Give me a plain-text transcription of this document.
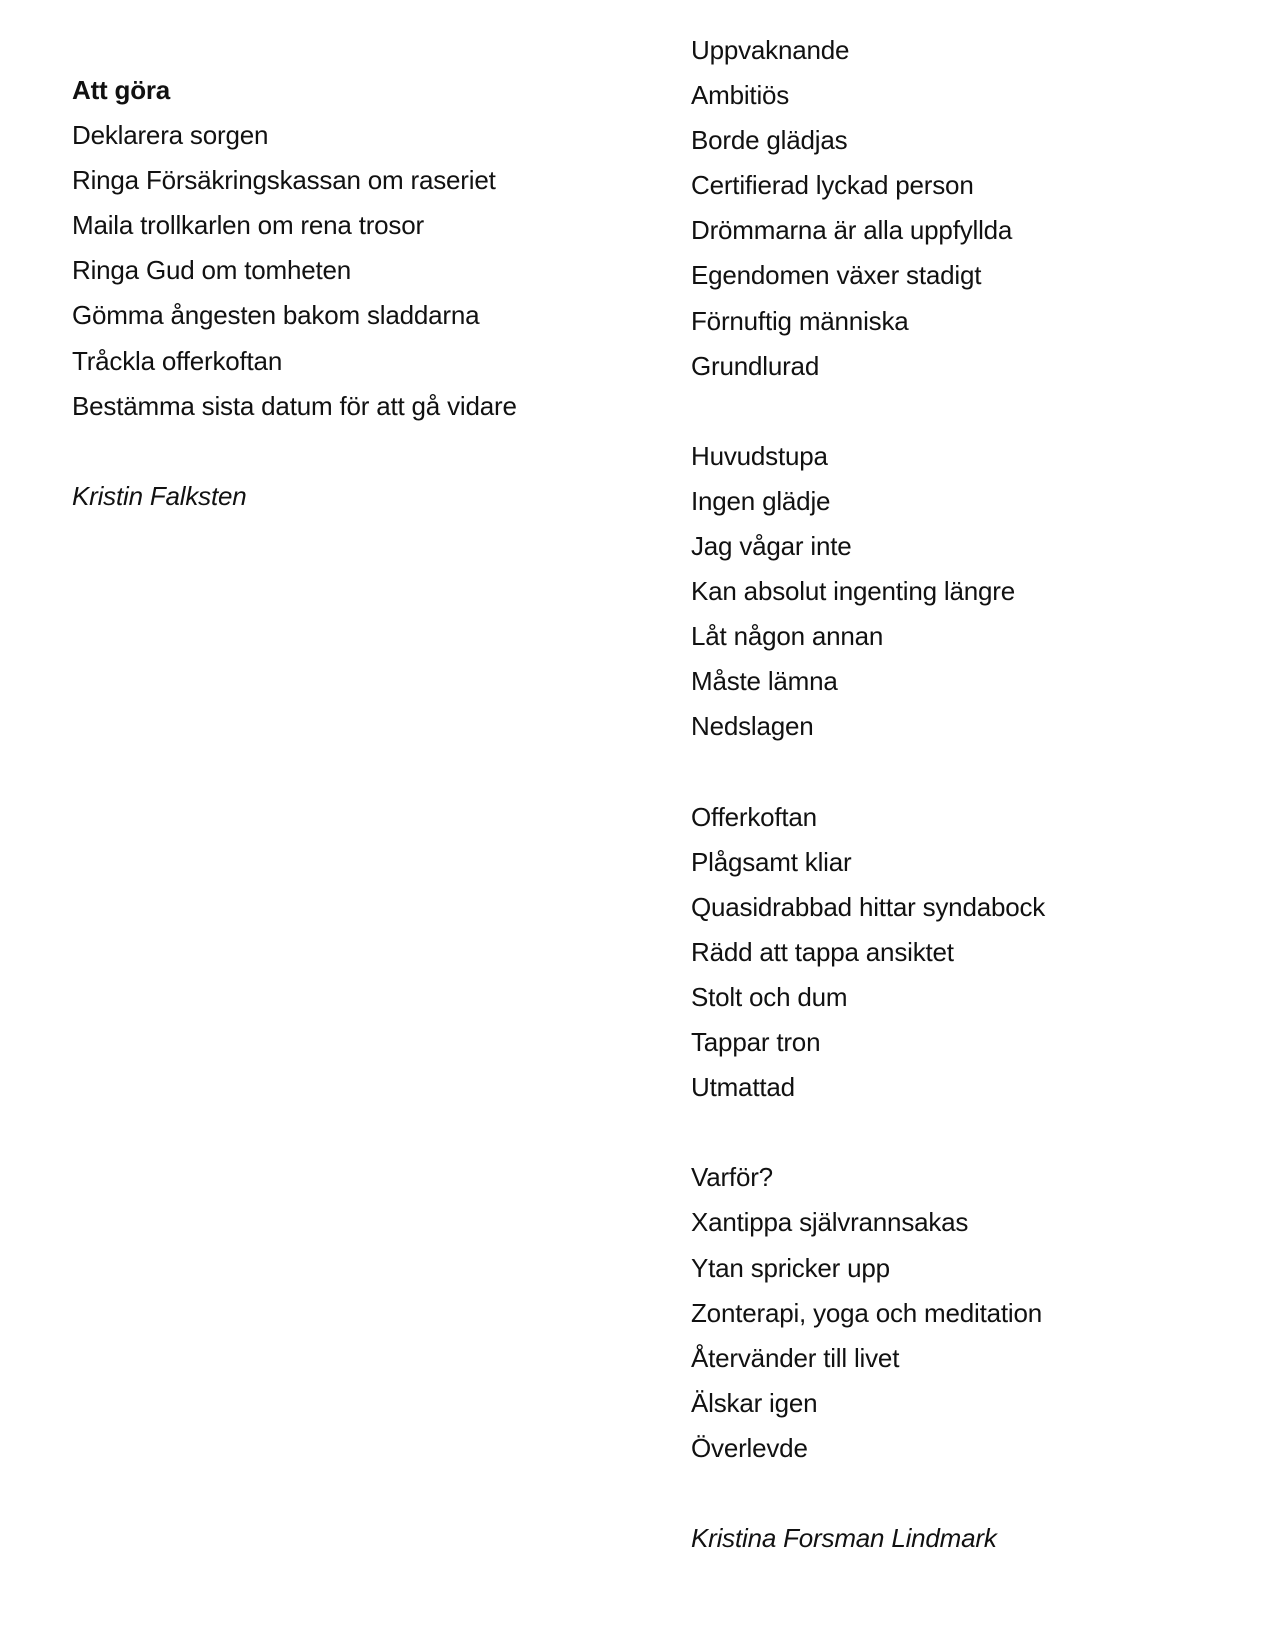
Att göra
Deklarera sorgen
Ringa Försäkringskassan om raseriet
Maila trollkarlen om rena trosor
Ringa Gud om tomheten
Gömma ångesten bakom sladdarna
Tråckla offerkoftan
Bestämma sista datum för att gå vidare
Kristin Falksten
Uppvaknande
Ambitiös
Borde glädjas
Certifierad lyckad person
Drömmarna är alla uppfyllda
Egendomen växer stadigt
Förnuftig människa
Grundlurad
Huvudstupa
Ingen glädje
Jag vågar inte
Kan absolut ingenting längre
Låt någon annan
Måste lämna
Nedslagen
Offerkoftan
Plågsamt kliar
Quasidrabbad hittar syndabock
Rädd att tappa ansiktet
Stolt och dum
Tappar tron
Utmattad
Varför?
Xantippa självrannsakas
Ytan spricker upp
Zonterapi, yoga och meditation
Återvänder till livet
Älskar igen
Överlevde
Kristina Forsman Lindmark
